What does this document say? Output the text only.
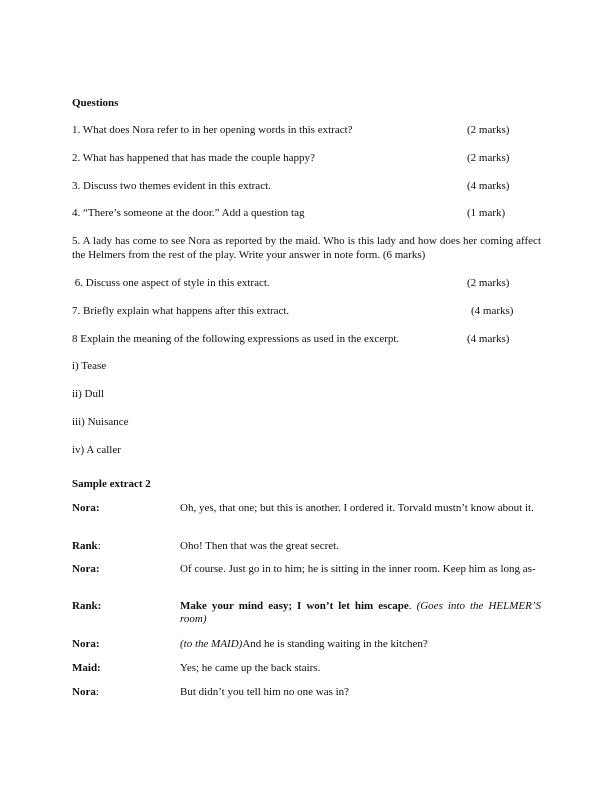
Questions
1. What does Nora refer to in her opening words in this extract?	(2 marks)
2. What has happened that has made the couple happy?	(2 marks)
3. Discuss two themes evident in this extract.	(4 marks)
4. “There’s someone at the door.” Add a question tag	(1 mark)
5. A lady has come to see Nora as reported by the maid. Who is this lady and how does her coming affect the Helmers from the rest of the play. Write your answer in note form. (6 marks)
6. Discuss one aspect of style in this extract.	(2 marks)
7. Briefly explain what happens after this extract.	(4 marks)
8 Explain the meaning of the following expressions as used in the excerpt.	(4 marks)
i) Tease
ii) Dull
iii) Nuisance
iv) A caller
Sample extract 2
Nora:	Oh, yes, that one; but this is another. I ordered it. Torvald mustn’t know about it.
Rank:	Oho! Then that was the great secret.
Nora:	Of course. Just go in to him; he is sitting in the inner room. Keep him as long as-
Rank:	Make your mind easy; I won’t let him escape. (Goes into the HELMER’S room)
Nora:	(to the MAID)And he is standing waiting in the kitchen?
Maid:	Yes; he came up the back stairs.
Nora:	But didn’t you tell him no one was in?
